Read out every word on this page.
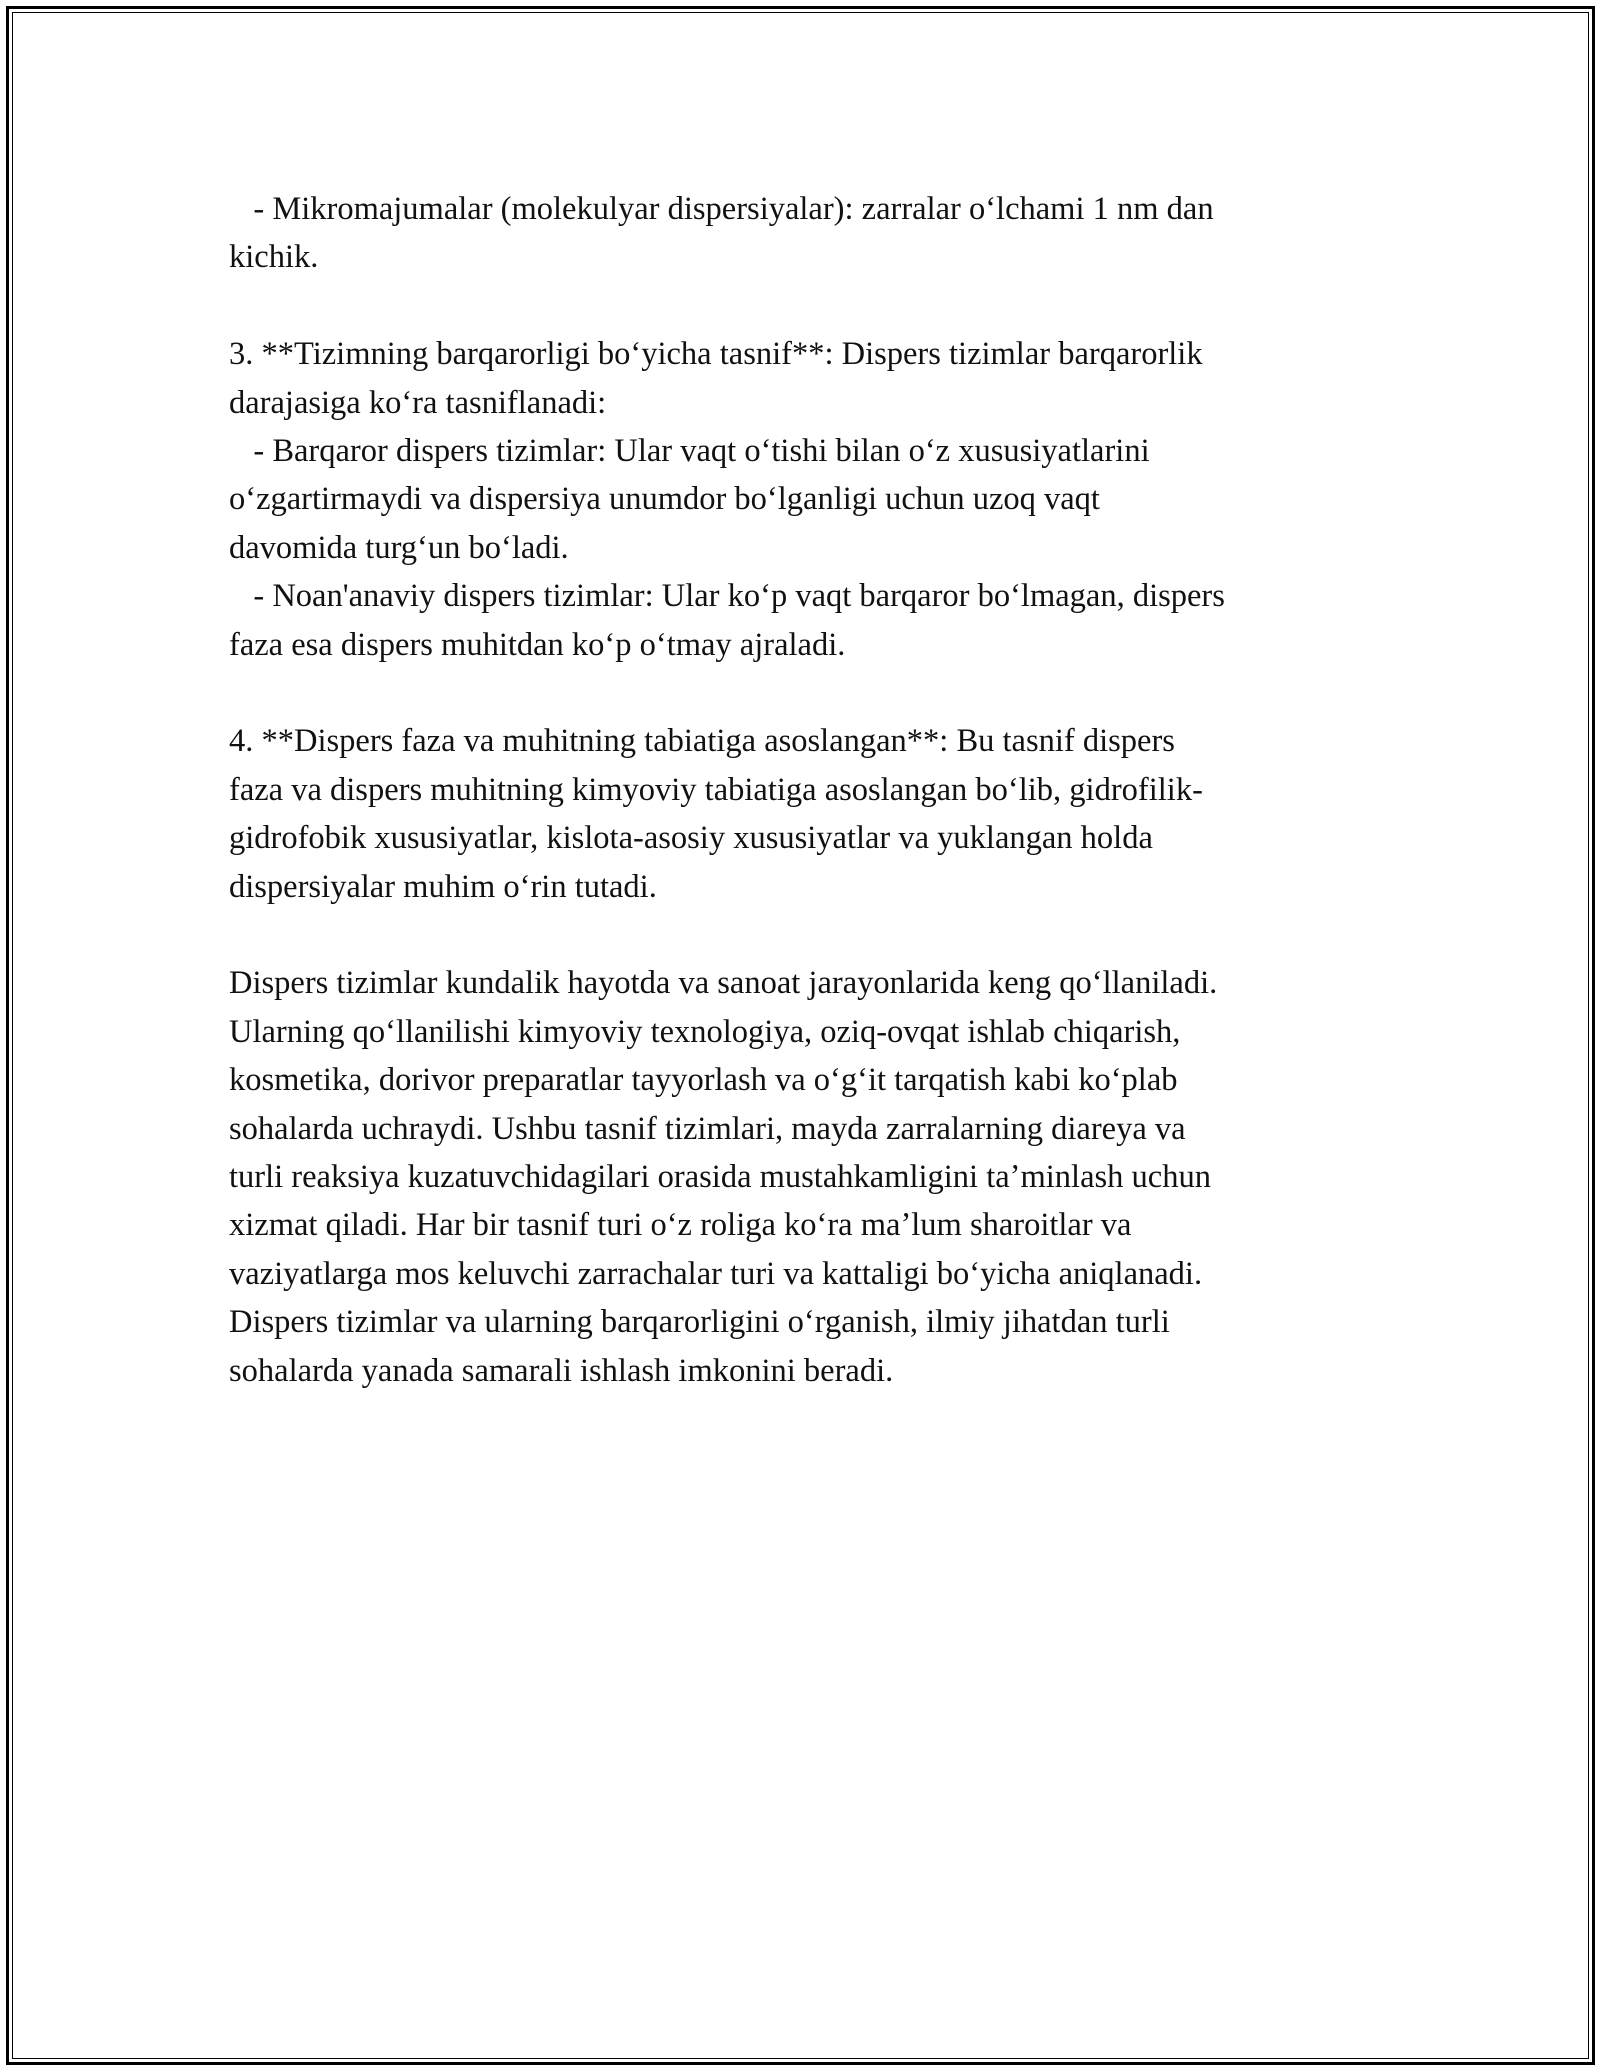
- Mikromajumalar (molekulyar dispersiyalar): zarralar oʻlchami 1 nm dan
kichik.
3. **Tizimning barqarorligi boʻyicha tasnif**: Dispers tizimlar barqarorlik
darajasiga koʻra tasniflanadi:
- Barqaror dispers tizimlar: Ular vaqt oʻtishi bilan oʻz xususiyatlarini
oʻzgartirmaydi va dispersiya unumdor boʻlganligi uchun uzoq vaqt
davomida turgʻun boʻladi.
- Noan'anaviy dispers tizimlar: Ular koʻp vaqt barqaror boʻlmagan, dispers
faza esa dispers muhitdan koʻp oʻtmay ajraladi.
4. **Dispers faza va muhitning tabiatiga asoslangan**: Bu tasnif dispers
faza va dispers muhitning kimyoviy tabiatiga asoslangan boʻlib, gidrofilik-
gidrofobik xususiyatlar, kislota-asosiy xususiyatlar va yuklangan holda
dispersiyalar muhim oʻrin tutadi.
Dispers tizimlar kundalik hayotda va sanoat jarayonlarida keng qoʻllaniladi.
Ularning qoʻllanilishi kimyoviy texnologiya, oziq-ovqat ishlab chiqarish,
kosmetika, dorivor preparatlar tayyorlash va oʻgʻit tarqatish kabi koʻplab
sohalarda uchraydi. Ushbu tasnif tizimlari, mayda zarralarning diareya va
turli reaksiya kuzatuvchidagilari orasida mustahkamligini taʼminlash uchun
xizmat qiladi. Har bir tasnif turi oʻz roliga koʻra maʼlum sharoitlar va
vaziyatlarga mos keluvchi zarrachalar turi va kattaligi boʻyicha aniqlanadi.
Dispers tizimlar va ularning barqarorligini oʻrganish, ilmiy jihatdan turli
sohalarda yanada samarali ishlash imkonini beradi.
